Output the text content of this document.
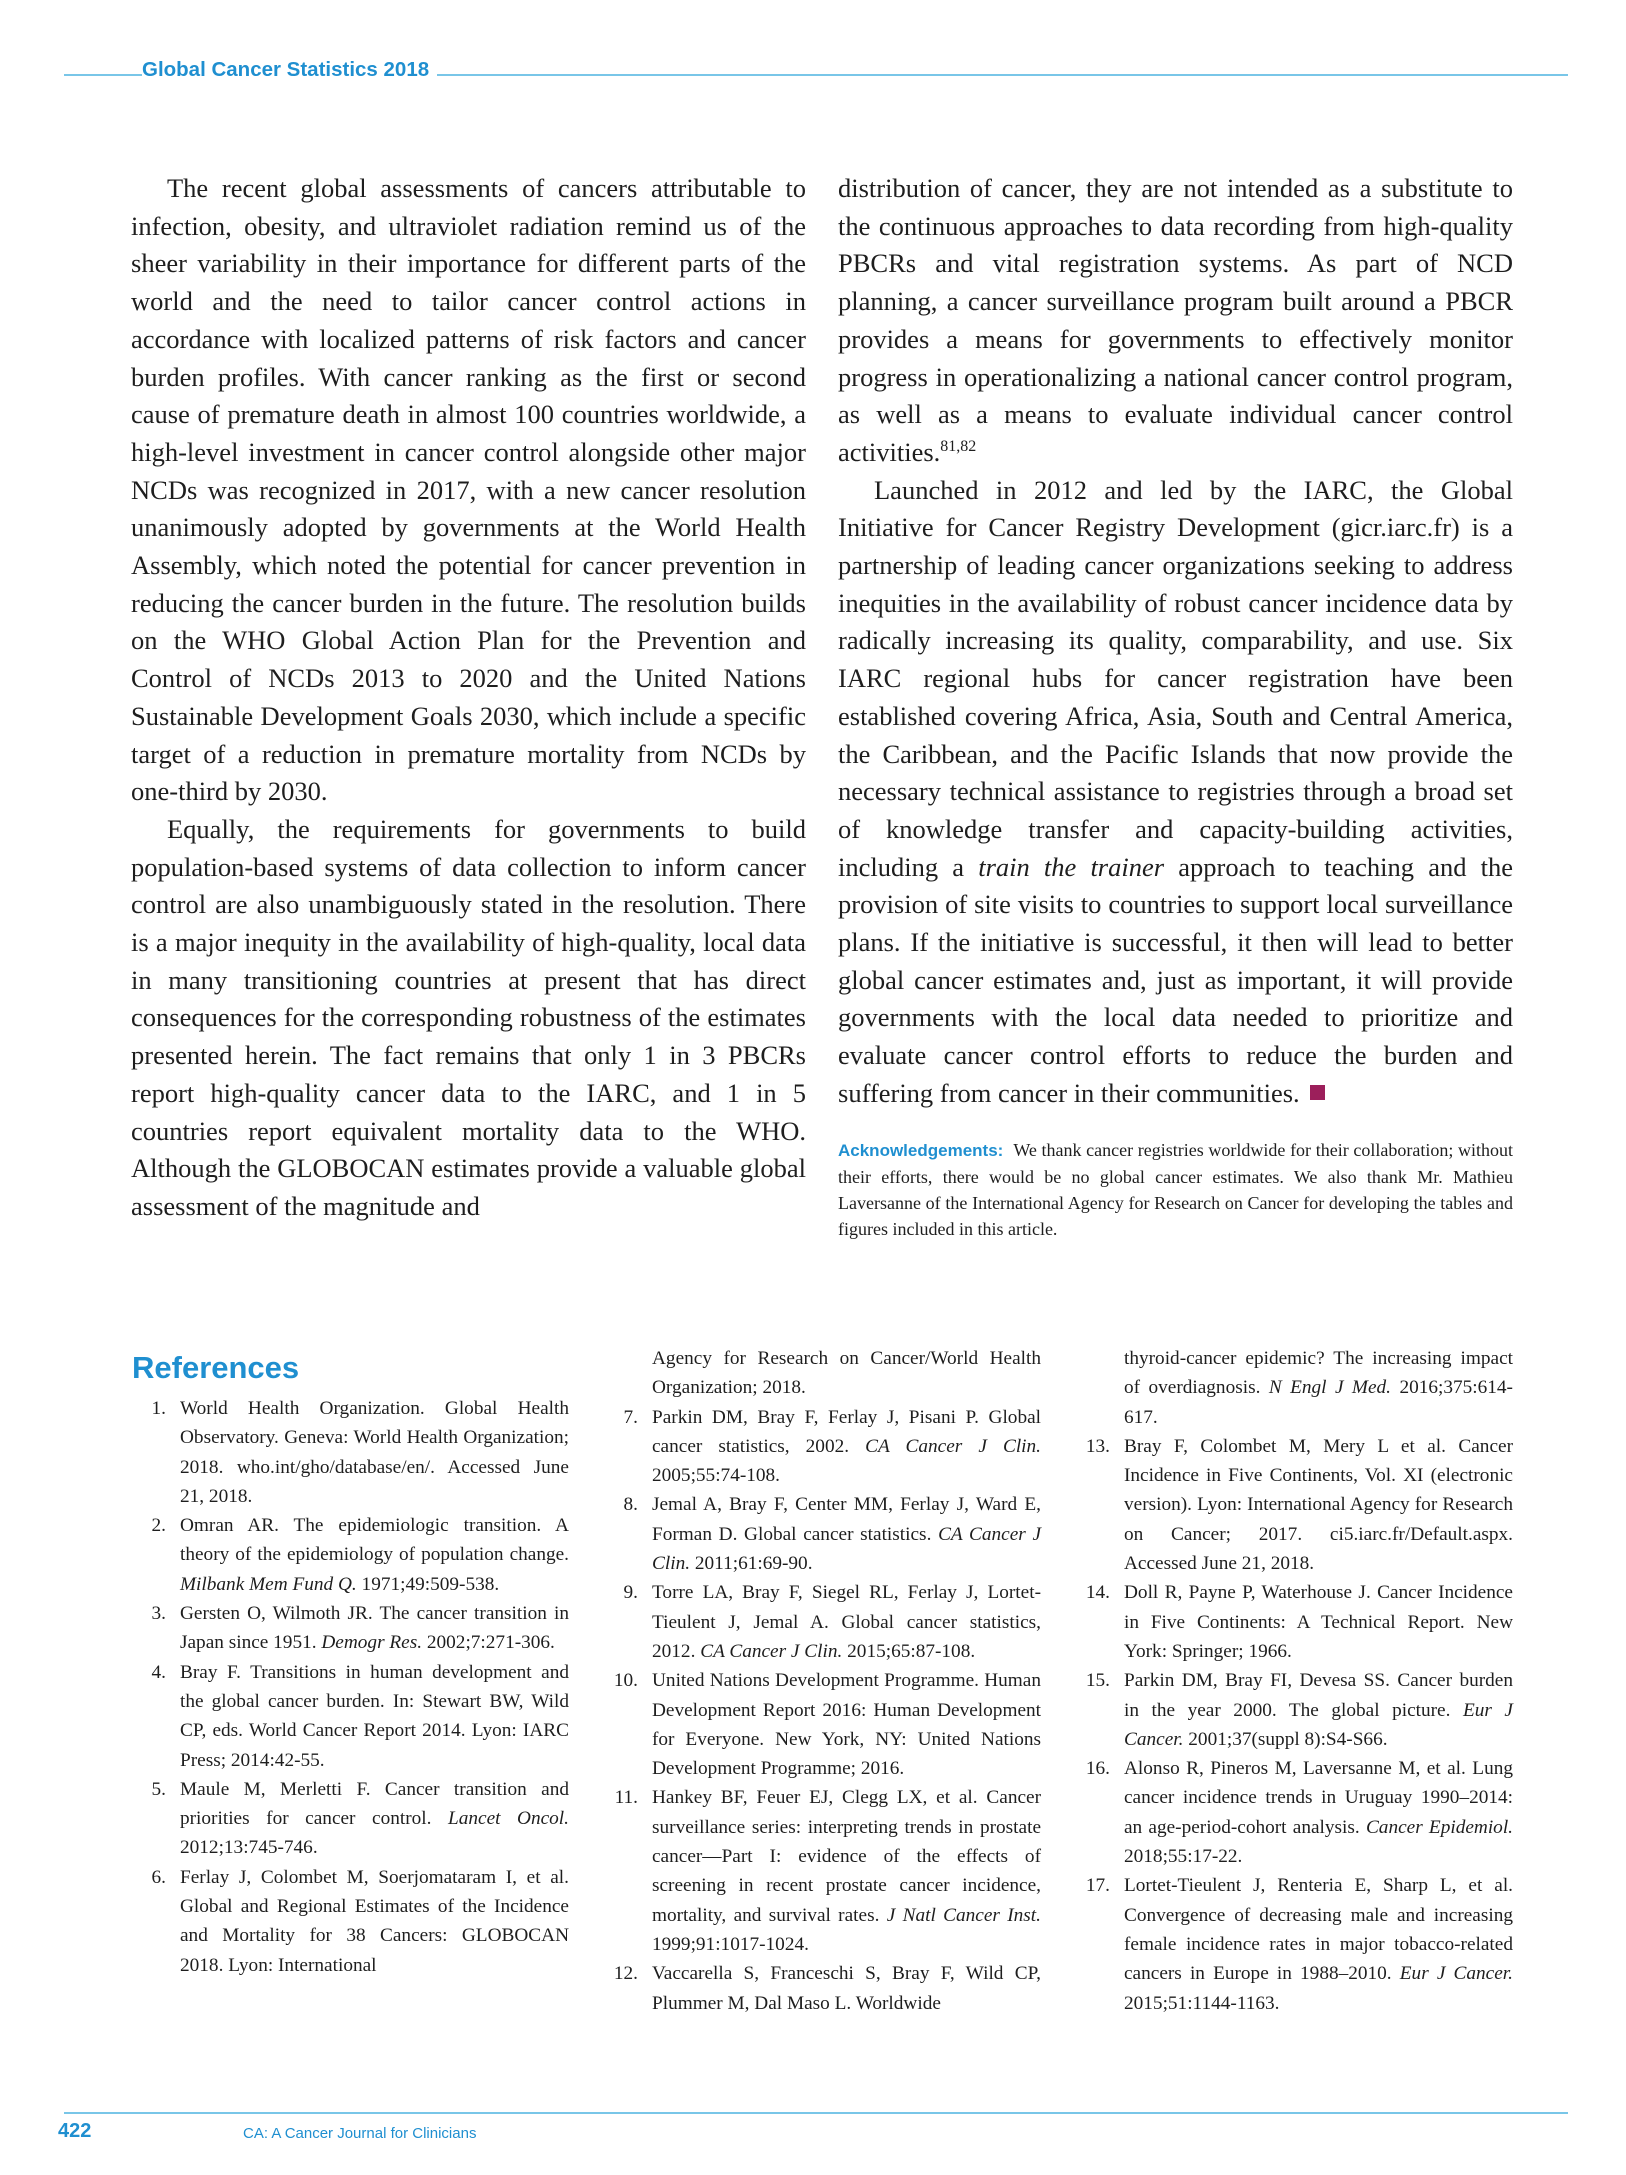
Global Cancer Statistics 2018

The recent global assessments of cancers attributable to infection, obesity, and ultraviolet radiation remind us of the sheer variability in their importance for different parts of the world and the need to tailor cancer control actions in accordance with localized patterns of risk factors and cancer burden profiles. With cancer ranking as the first or second cause of premature death in almost 100 countries worldwide, a high-level investment in cancer control alongside other major NCDs was recognized in 2017, with a new cancer resolution unanimously adopted by governments at the World Health Assembly, which noted the potential for cancer prevention in reducing the cancer burden in the future. The resolution builds on the WHO Global Action Plan for the Prevention and Control of NCDs 2013 to 2020 and the United Nations Sustainable Development Goals 2030, which include a specific target of a reduction in premature mortality from NCDs by one-third by 2030.

Equally, the requirements for governments to build population-based systems of data collection to inform cancer control are also unambiguously stated in the resolution. There is a major inequity in the availability of high-quality, local data in many transitioning countries at present that has direct consequences for the corresponding robustness of the estimates presented herein. The fact remains that only 1 in 3 PBCRs report high-quality cancer data to the IARC, and 1 in 5 countries report equivalent mortality data to the WHO. Although the GLOBOCAN estimates provide a valuable global assessment of the magnitude and

distribution of cancer, they are not intended as a substitute to the continuous approaches to data recording from high-quality PBCRs and vital registration systems. As part of NCD planning, a cancer surveillance program built around a PBCR provides a means for governments to effectively monitor progress in operationalizing a national cancer control program, as well as a means to evaluate individual cancer control activities.$^{81,82}$

Launched in 2012 and led by the IARC, the Global Initiative for Cancer Registry Development (gicr.iarc.fr) is a partnership of leading cancer organizations seeking to address inequities in the availability of robust cancer incidence data by radically increasing its quality, comparability, and use. Six IARC regional hubs for cancer registration have been established covering Africa, Asia, South and Central America, the Caribbean, and the Pacific Islands that now provide the necessary technical assistance to registries through a broad set of knowledge transfer and capacity-building activities, including a train the trainer approach to teaching and the provision of site visits to countries to support local surveillance plans. If the initiative is successful, it then will lead to better global cancer estimates and, just as important, it will provide governments with the local data needed to prioritize and evaluate cancer control efforts to reduce the burden and suffering from cancer in their communities.

Acknowledgements: We thank cancer registries worldwide for their collaboration; without their efforts, there would be no global cancer estimates. We also thank Mr. Mathieu Laversanne of the International Agency for Research on Cancer for developing the tables and figures included in this article.

References
1. World Health Organization. Global Health Observatory. Geneva: World Health Organization; 2018. who.int/gho/database/en/. Accessed June 21, 2018.
2. Omran AR. The epidemiologic transition. A theory of the epidemiology of population change. Milbank Mem Fund Q. 1971;49:509-538.
3. Gersten O, Wilmoth JR. The cancer transition in Japan since 1951. Demogr Res. 2002;7:271-306.
4. Bray F. Transitions in human development and the global cancer burden. In: Stewart BW, Wild CP, eds. World Cancer Report 2014. Lyon: IARC Press; 2014:42-55.
5. Maule M, Merletti F. Cancer transition and priorities for cancer control. Lancet Oncol. 2012;13:745-746.
6. Ferlay J, Colombet M, Soerjomataram I, et al. Global and Regional Estimates of the Incidence and Mortality for 38 Cancers: GLOBOCAN 2018. Lyon: International

Agency for Research on Cancer/World Health Organization; 2018.

7. Parkin DM, Bray F, Ferlay J, Pisani P. Global cancer statistics, 2002. CA Cancer J Clin. 2005;55:74-108.
8. Jemal A, Bray F, Center MM, Ferlay J, Ward E, Forman D. Global cancer statistics. CA Cancer J Clin. 2011;61:69-90.
9. Torre LA, Bray F, Siegel RL, Ferlay J, Lortet-Tieulent J, Jemal A. Global cancer statistics, 2012. CA Cancer J Clin. 2015;65:87-108.
10. United Nations Development Programme. Human Development Report 2016: Human Development for Everyone. New York, NY: United Nations Development Programme; 2016.
11. Hankey BF, Feuer EJ, Clegg LX, et al. Cancer surveillance series: interpreting trends in prostate cancer—Part I: evidence of the effects of screening in recent prostate cancer incidence, mortality, and survival rates. J Natl Cancer Inst. 1999;91:1017-1024.
12. Vaccarella S, Franceschi S, Bray F, Wild CP, Plummer M, Dal Maso L. Worldwide

thyroid-cancer epidemic? The increasing impact of overdiagnosis. N Engl J Med. 2016;375:614-617.

13. Bray F, Colombet M, Mery L et al. Cancer Incidence in Five Continents, Vol. XI (electronic version). Lyon: International Agency for Research on Cancer; 2017. ci5.iarc.fr/Default.aspx. Accessed June 21, 2018.
14. Doll R, Payne P, Waterhouse J. Cancer Incidence in Five Continents: A Technical Report. New York: Springer; 1966.
15. Parkin DM, Bray FI, Devesa SS. Cancer burden in the year 2000. The global picture. Eur J Cancer. 2001;37(suppl 8):S4-S66.
16. Alonso R, Pineros M, Laversanne M, et al. Lung cancer incidence trends in Uruguay 1990–2014: an age-period-cohort analysis. Cancer Epidemiol. 2018;55:17-22.
17. Lortet-Tieulent J, Renteria E, Sharp L, et al. Convergence of decreasing male and increasing female incidence rates in major tobacco-related cancers in Europe in 1988–2010. Eur J Cancer. 2015;51:1144-1163.
422	CA: A Cancer Journal for Clinicians
